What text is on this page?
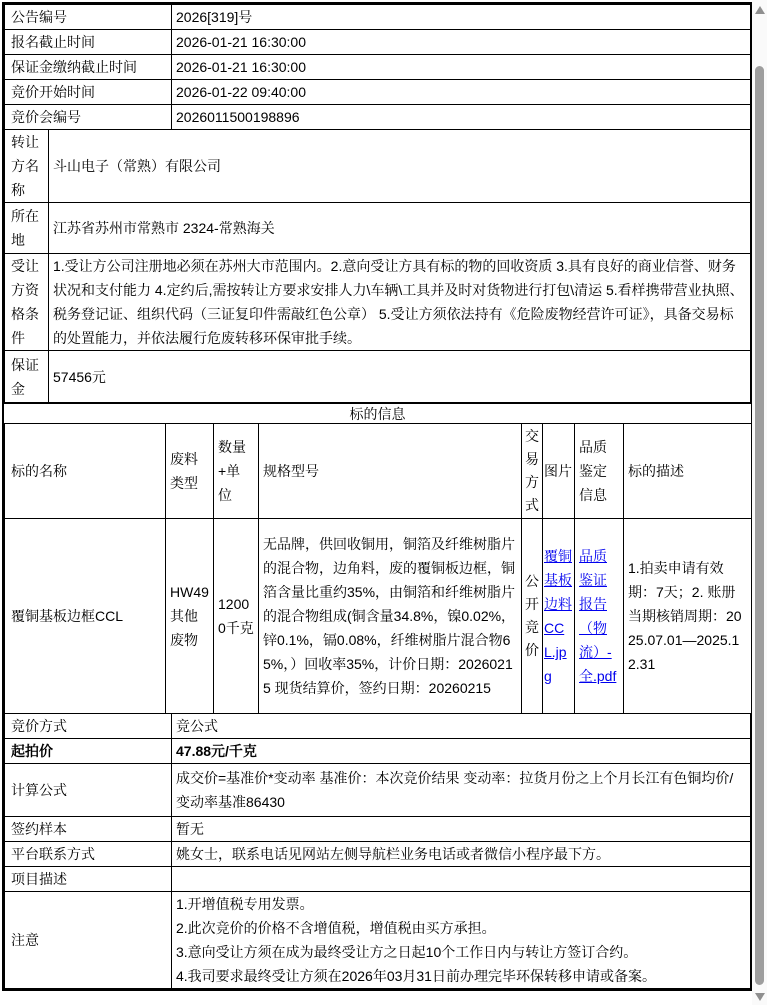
公告编号	2026[319]号
报名截止时间	2026-01-21 16:30:00
保证金缴纳截止时间	2026-01-21 16:30:00
竞价开始时间	2026-01-22 09:40:00
竞价会编号	2026011500198896
转让方名称	斗山电子（常熟）有限公司
所在地	江苏省苏州市常熟市 2324-常熟海关
受让方资格条件	1.受让方公司注册地必须在苏州大市范围内。2.意向受让方具有标的物的回收资质 3.具有良好的商业信誉、财务状况和支付能力 4.定约后,需按转让方要求安排人力\车辆\工具并及时对货物进行打包\清运 5.看样携带营业执照、税务登记证、组织代码（三证复印件需敲红色公章） 5.受让方须依法持有《危险废物经营许可证》，具备交易标的处置能力，并依法履行危废转移环保审批手续。
保证金	57456元
标的信息
标的名称	废料类型	数量+单位	规格型号	交易方式	图片	品质鉴定信息	标的描述
覆铜基板边框CCL	HW49其他废物	12000千克	无品牌，供回收铜用，铜箔及纤维树脂片的混合物，边角料，废的覆铜板边框，铜箔含量比重约35%，由铜箔和纤维树脂片的混合物组成(铜含量34.8%，镍0.02%，锌0.1%，镉0.08%，纤维树脂片混合物65%，）回收率35%，计价日期：20260215 现货结算价，签约日期：20260215	公开竞价	覆铜基板边料CCL.jpg	品质鉴证报告（物流）- 全.pdf	1.拍卖申请有效期：7天；2. 账册当期核销周期：2025.07.01—2025.12.31
竞价方式	竞公式
起拍价	47.88元/千克
计算公式	成交价=基准价*变动率 基准价：本次竞价结果 变动率：拉货月份之上个月长江有色铜均价/变动率基准86430
签约样本	暂无
平台联系方式	姚女士，联系电话见网站左侧导航栏业务电话或者微信小程序最下方。
项目描述	
注意	1.开增值税专用发票。
2.此次竞价的价格不含增值税，增值税由买方承担。
3.意向受让方须在成为最终受让方之日起10个工作日内与转让方签订合约。
4.我司要求最终受让方须在2026年03月31日前办理完毕环保转移申请或备案。
